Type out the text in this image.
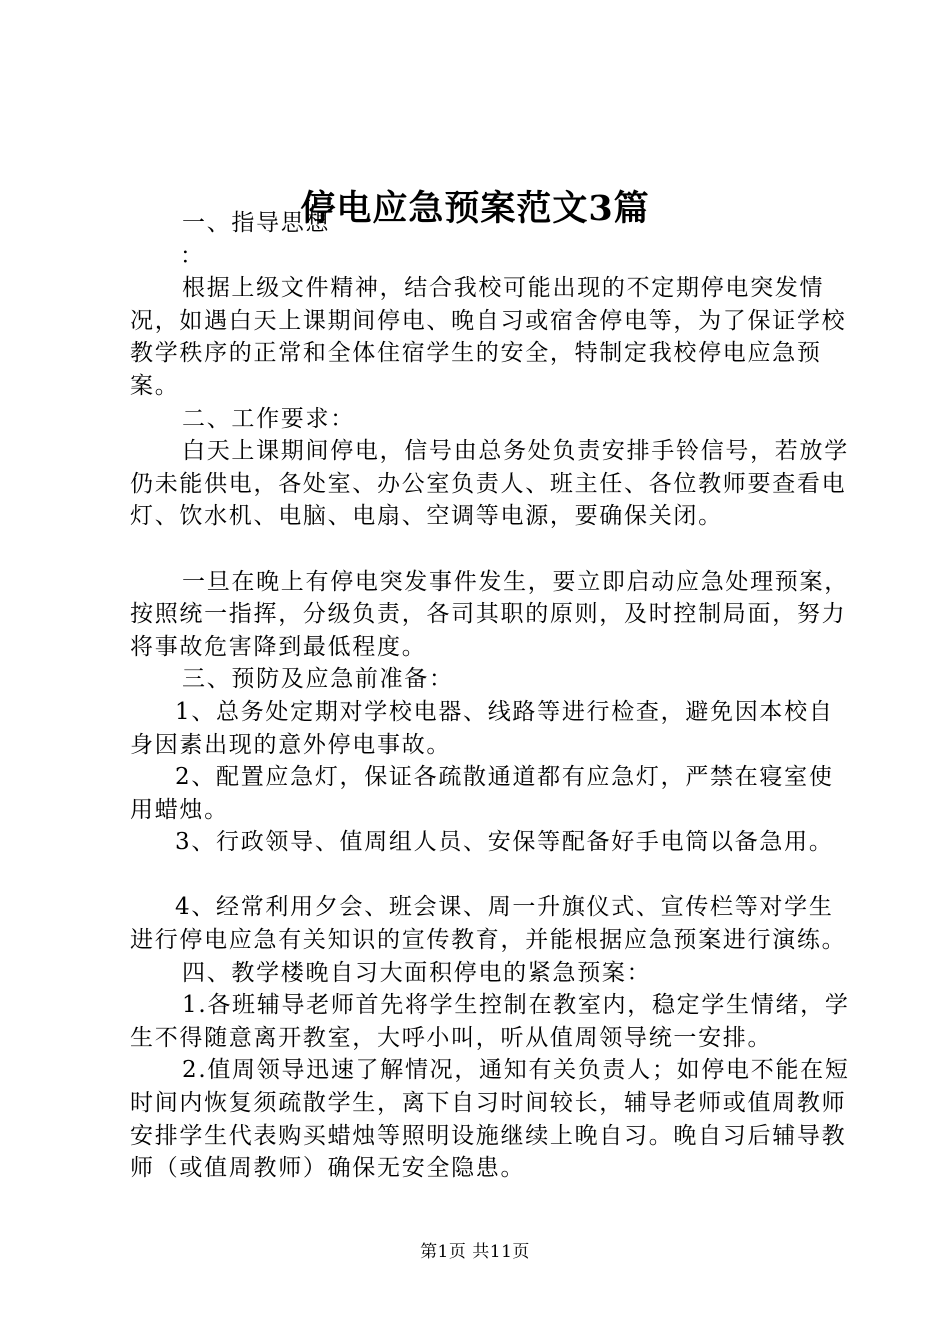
停电应急预案范文3篇

一、指导思想

：

根据上级文件精神，结合我校可能出现的不定期停电突发情况，如遇白天上课期间停电、晚自习或宿舍停电等，为了保证学校教学秩序的正常和全体住宿学生的安全，特制定我校停电应急预案。

二、工作要求：

白天上课期间停电，信号由总务处负责安排手铃信号，若放学仍未能供电，各处室、办公室负责人、班主任、各位教师要查看电灯、饮水机、电脑、电扇、空调等电源，要确保关闭。

一旦在晚上有停电突发事件发生，要立即启动应急处理预案，按照统一指挥，分级负责，各司其职的原则，及时控制局面，努力将事故危害降到最低程度。

三、预防及应急前准备：

1、总务处定期对学校电器、线路等进行检查，避免因本校自身因素出现的意外停电事故。

2、配置应急灯，保证各疏散通道都有应急灯，严禁在寝室使用蜡烛。

3、行政领导、值周组人员、安保等配备好手电筒以备急用。

4、经常利用夕会、班会课、周一升旗仪式、宣传栏等对学生进行停电应急有关知识的宣传教育，并能根据应急预案进行演练。

四、教学楼晚自习大面积停电的紧急预案：

1.各班辅导老师首先将学生控制在教室内，稳定学生情绪，学生不得随意离开教室，大呼小叫，听从值周领导统一安排。

2.值周领导迅速了解情况，通知有关负责人；如停电不能在短时间内恢复须疏散学生，离下自习时间较长，辅导老师或值周教师安排学生代表购买蜡烛等照明设施继续上晚自习。晚自习后辅导教师（或值周教师）确保无安全隐患。

第1页 共11页
